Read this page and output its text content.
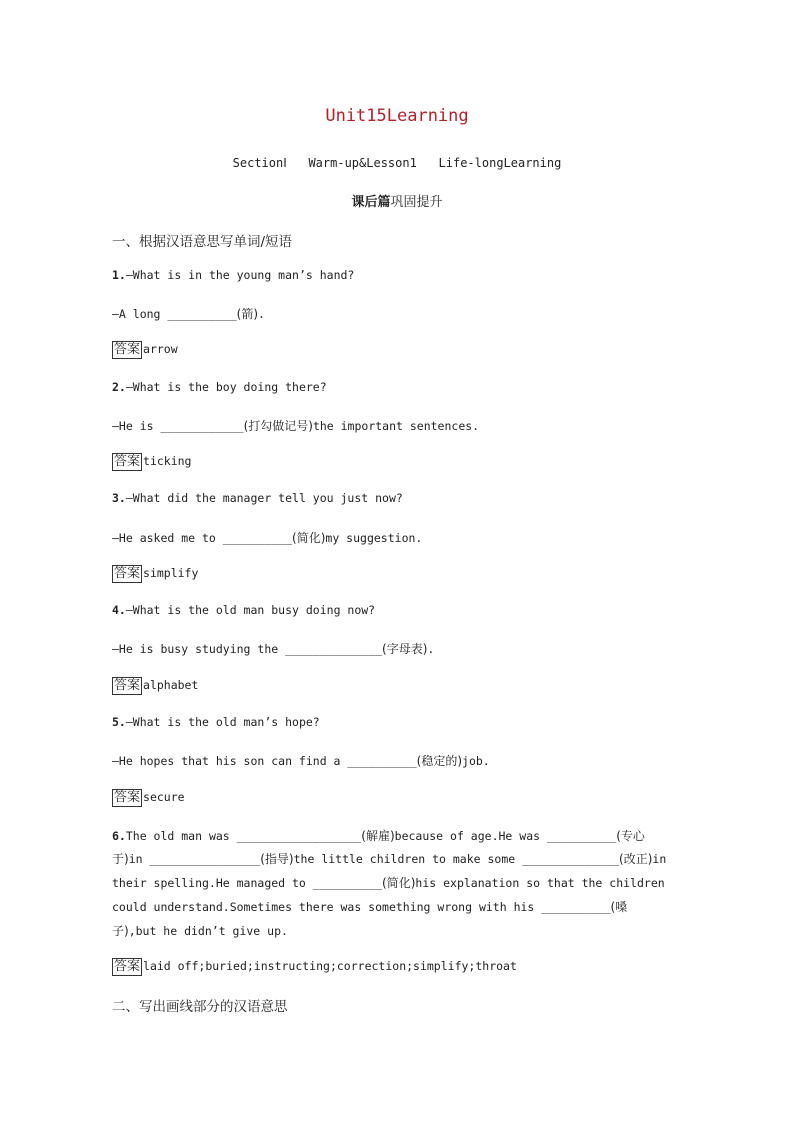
Unit15Learning
SectionⅠ Warm-up&Lesson1 Life-longLearning
课后篇巩固提升
一、根据汉语意思写单词/短语
1.—What is in the young man’s hand?
—A long __________(箭).
答案 arrow
2.—What is the boy doing there?
—He is ____________(打勾做记号)the important sentences.
答案 ticking
3.—What did the manager tell you just now?
—He asked me to __________(简化)my suggestion.
答案 simplify
4.—What is the old man busy doing now?
—He is busy studying the ______________(字母表).
答案 alphabet
5.—What is the old man’s hope?
—He hopes that his son can find a __________(稳定的)job.
答案 secure
6.The old man was __________________(解雇)because of age.He was __________(专心
于)in ________________(指导)the little children to make some ______________(改正)in
their spelling.He managed to __________(简化)his explanation so that the children
could understand.Sometimes there was something wrong with his __________(嗓
子),but he didn’t give up.
答案 laid off;buried;instructing;correction;simplify;throat
二、写出画线部分的汉语意思
